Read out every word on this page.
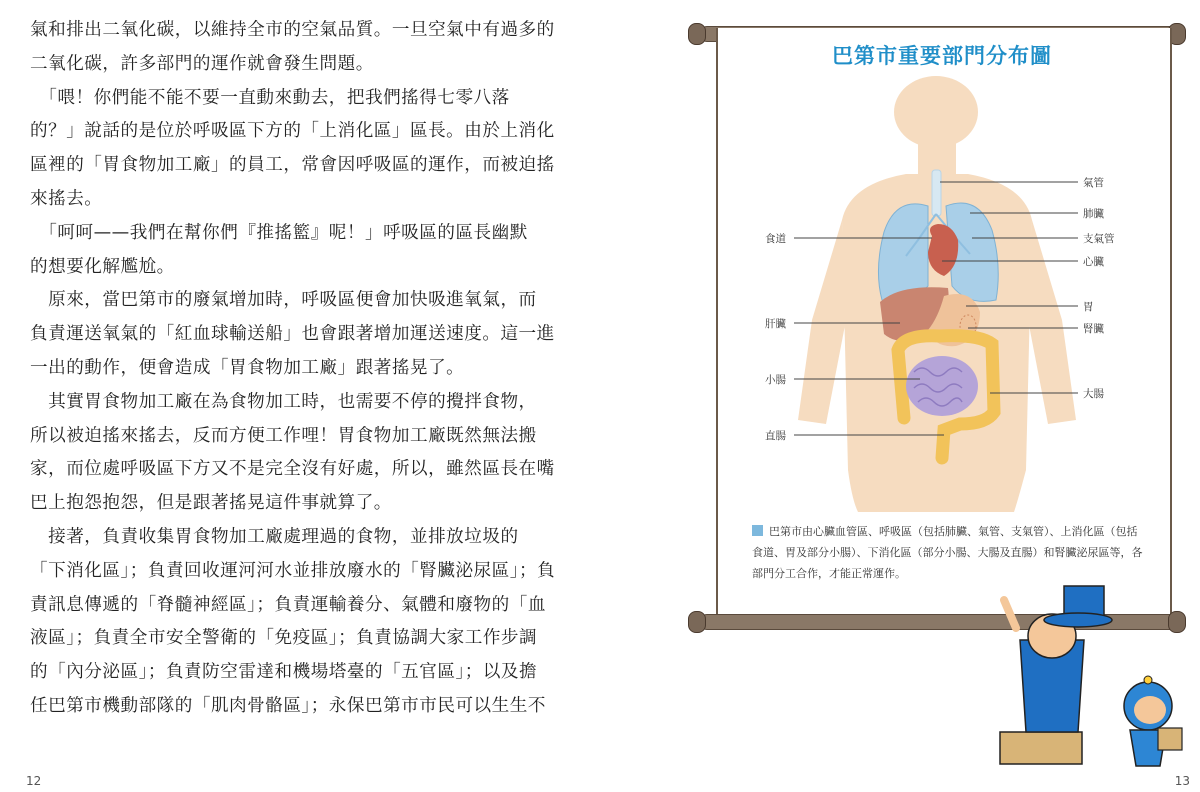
氣和排出二氧化碳，以維持全市的空氣品質。一旦空氣中有過多的
二氧化碳，許多部門的運作就會發生問題。
　「喂！你們能不能不要一直動來動去，把我們搖得七零八落
的？」說話的是位於呼吸區下方的「上消化區」區長。由於上消化
區裡的「胃食物加工廠」的員工，常會因呼吸區的運作，而被迫搖
來搖去。
　「呵呵——我們在幫你們『推搖籃』呢！」呼吸區的區長幽默
的想要化解尷尬。
　原來，當巴第市的廢氣增加時，呼吸區便會加快吸進氧氣，而
負責運送氧氣的「紅血球輸送船」也會跟著增加運送速度。這一進
一出的動作，便會造成「胃食物加工廠」跟著搖晃了。
　其實胃食物加工廠在為食物加工時，也需要不停的攪拌食物，
所以被迫搖來搖去，反而方便工作哩！胃食物加工廠既然無法搬
家，而位處呼吸區下方又不是完全沒有好處，所以，雖然區長在嘴
巴上抱怨抱怨，但是跟著搖晃這件事就算了。
　接著，負責收集胃食物加工廠處理過的食物，並排放垃圾的
「下消化區」；負責回收運河河水並排放廢水的「腎臟泌尿區」；負
責訊息傳遞的「脊髓神經區」；負責運輸養分、氣體和廢物的「血
液區」；負責全市安全警衛的「免疫區」；負責協調大家工作步調
的「內分泌區」；負責防空雷達和機場塔臺的「五官區」；以及擔
任巴第市機動部隊的「肌肉骨骼區」；永保巴第市市民可以生生不
12
巴第市重要部門分布圖
氣管
肺臟
支氣管
心臟
胃
腎臟
大腸
食道
肝臟
小腸
直腸
巴第市由心臟血管區、呼吸區（包括肺臟、氣管、支氣管）、上消化區（包括食道、胃及部分小腸）、下消化區（部分小腸、大腸及直腸）和腎臟泌尿區等，各部門分工合作，才能正常運作。
13
